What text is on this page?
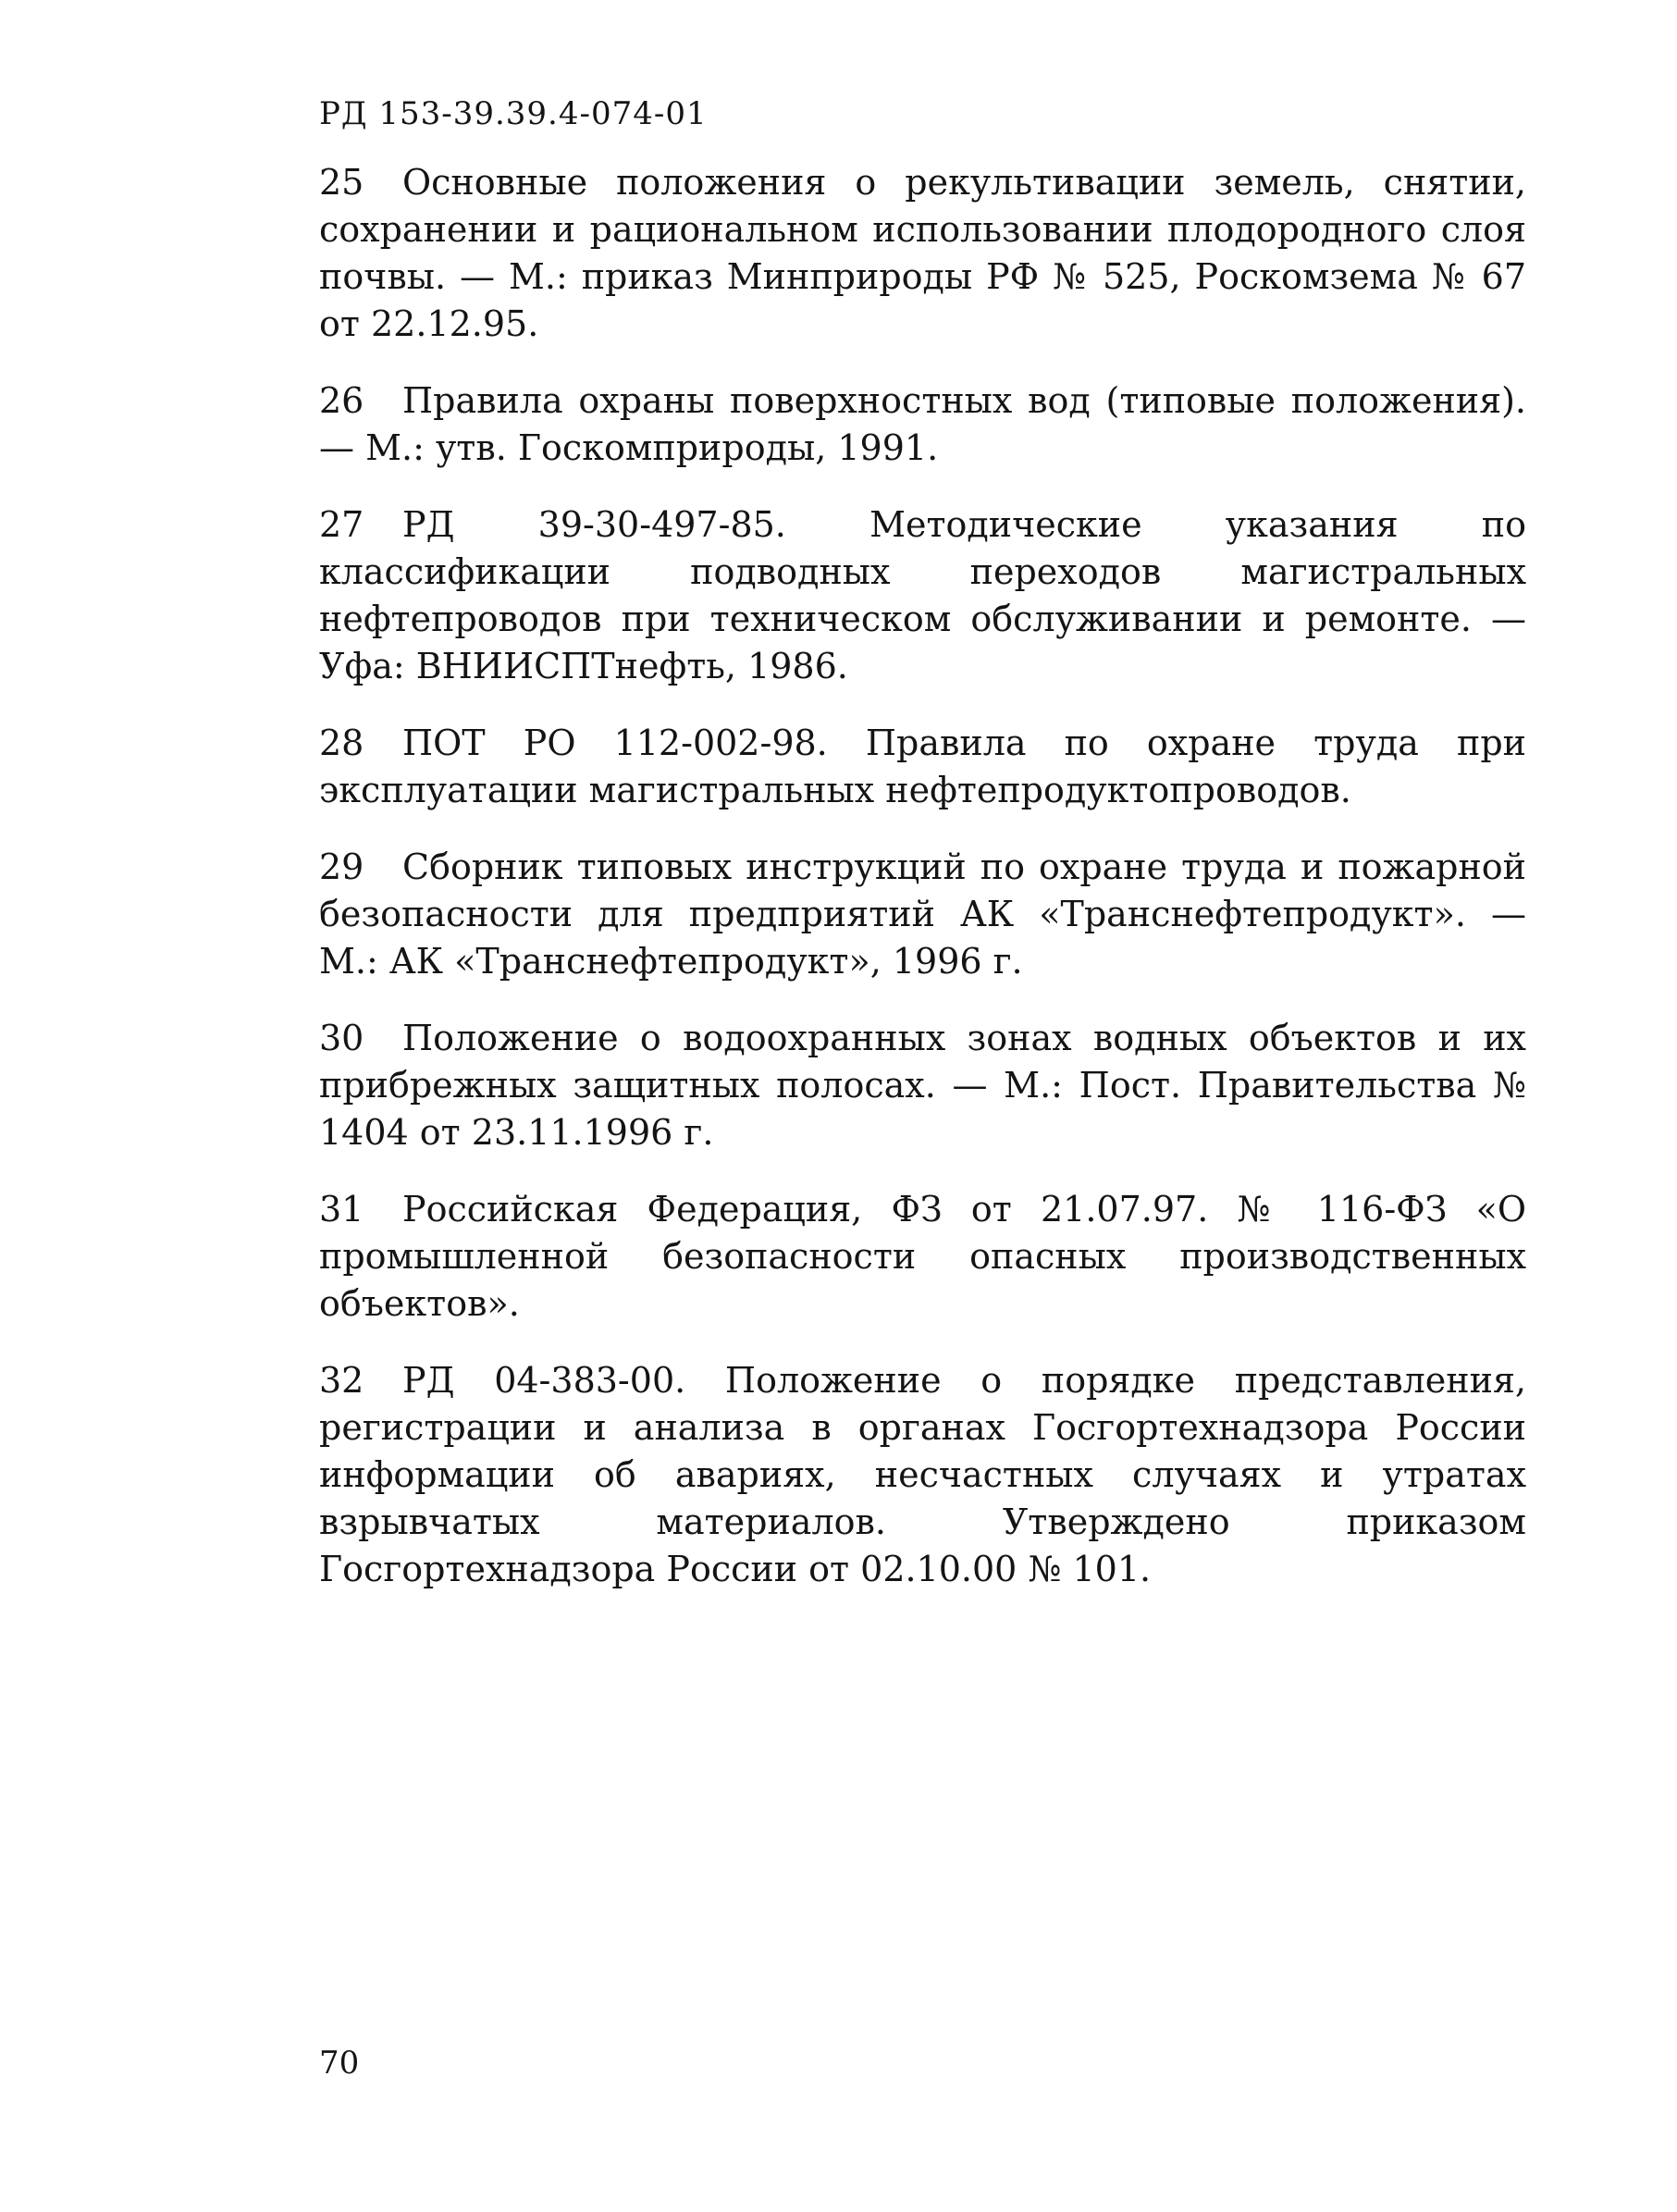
РД 153-39.39.4-074-01
25 Основные положения о рекультивации земель, снятии, сохранении и рациональном использовании плодородного слоя почвы. — М.: приказ Минприроды РФ № 525, Роскомзема № 67 от 22.12.95.
26 Правила охраны поверхностных вод (типовые положения). — М.: утв. Госкомприроды, 1991.
27 РД 39-30-497-85. Методические указания по классификации подводных переходов магистральных нефтепроводов при техническом обслуживании и ремонте. — Уфа: ВНИИСПТнефть, 1986.
28 ПОТ РО 112-002-98. Правила по охране труда при эксплуатации магистральных нефтепродуктопроводов.
29 Сборник типовых инструкций по охране труда и пожарной безопасности для предприятий АК «Транснефтепродукт». — М.: АК «Транснефтепродукт», 1996 г.
30 Положение о водоохранных зонах водных объектов и их прибрежных защитных полосах. — М.: Пост. Правительства № 1404 от 23.11.1996 г.
31 Российская Федерация, ФЗ от 21.07.97. № 116-ФЗ «О промышленной безопасности опасных производственных объектов».
32 РД 04-383-00. Положение о порядке представления, регистрации и анализа в органах Госгортехнадзора России информации об авариях, несчастных случаях и утратах взрывчатых материалов. Утверждено приказом Госгортехнадзора России от 02.10.00 № 101.
70
